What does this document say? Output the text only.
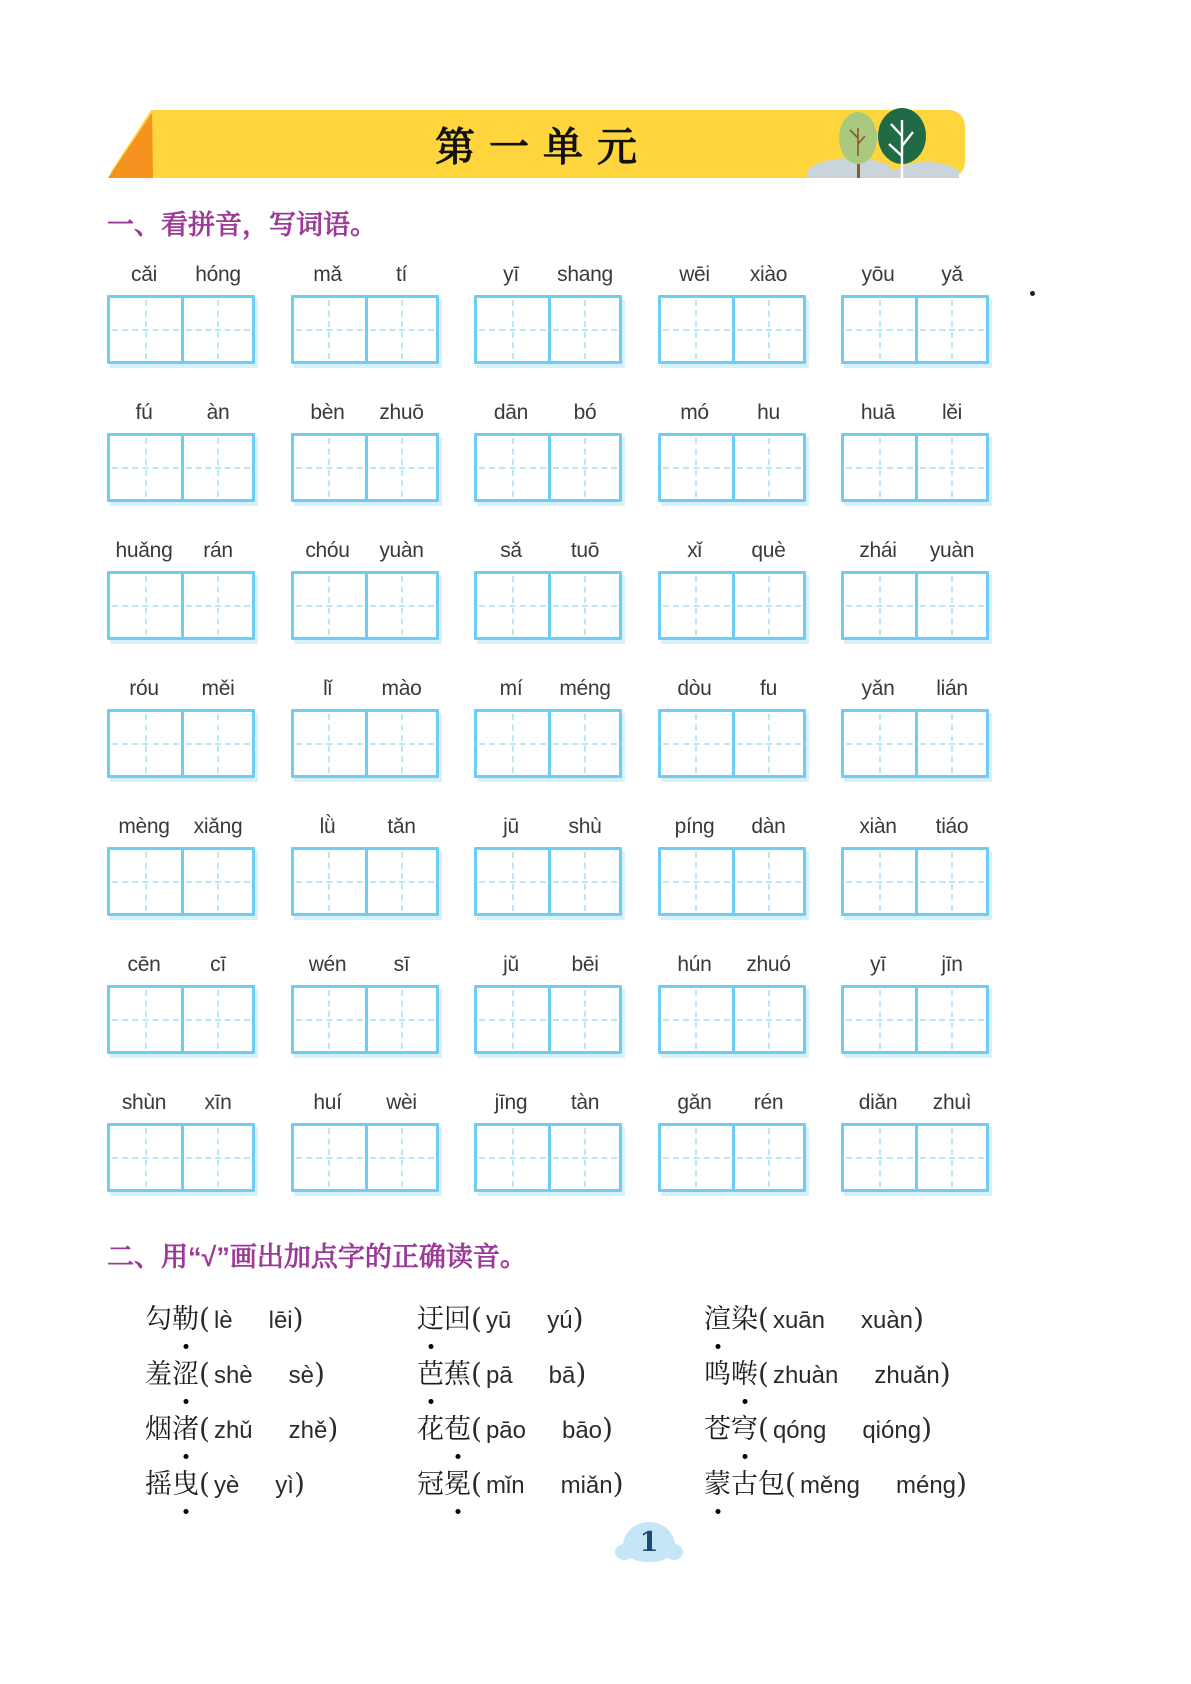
第一单元
一、看拼音，写词语。
cǎi	hóng	mǎ	tí	yī	shang	wēi	xiào	yōu	yǎ
fú	àn	bèn	zhuō	dān	bó	mó	hu	huā	lěi
huǎng	rán	chóu	yuàn	sǎ	tuō	xǐ	què	zhái	yuàn
róu	měi	lǐ	mào	mí	méng	dòu	fu	yǎn	lián
mèng	xiǎng	lǜ	tǎn	jū	shù	píng	dàn	xiàn	tiáo
cēn	cī	wén	sī	jǔ	bēi	hún	zhuó	yī	jīn
shùn	xīn	huí	wèi	jīng	tàn	gǎn	rén	diǎn	zhuì
二、用“√”画出加点字的正确读音。
勾勒 ( lè lēi)	迂回 ( yū yú)	渲染 ( xuān xuàn)
羞涩 ( shè sè)	芭蕉 ( pā bā)	鸣啭 ( zhuàn zhuǎn)
烟渚 ( zhǔ zhě)	花苞 ( pāo bāo)	苍穹 ( qóng qióng)
摇曳 ( yè yì)	冠冕 ( mǐn miǎn)	蒙古包 ( měng méng)
1
